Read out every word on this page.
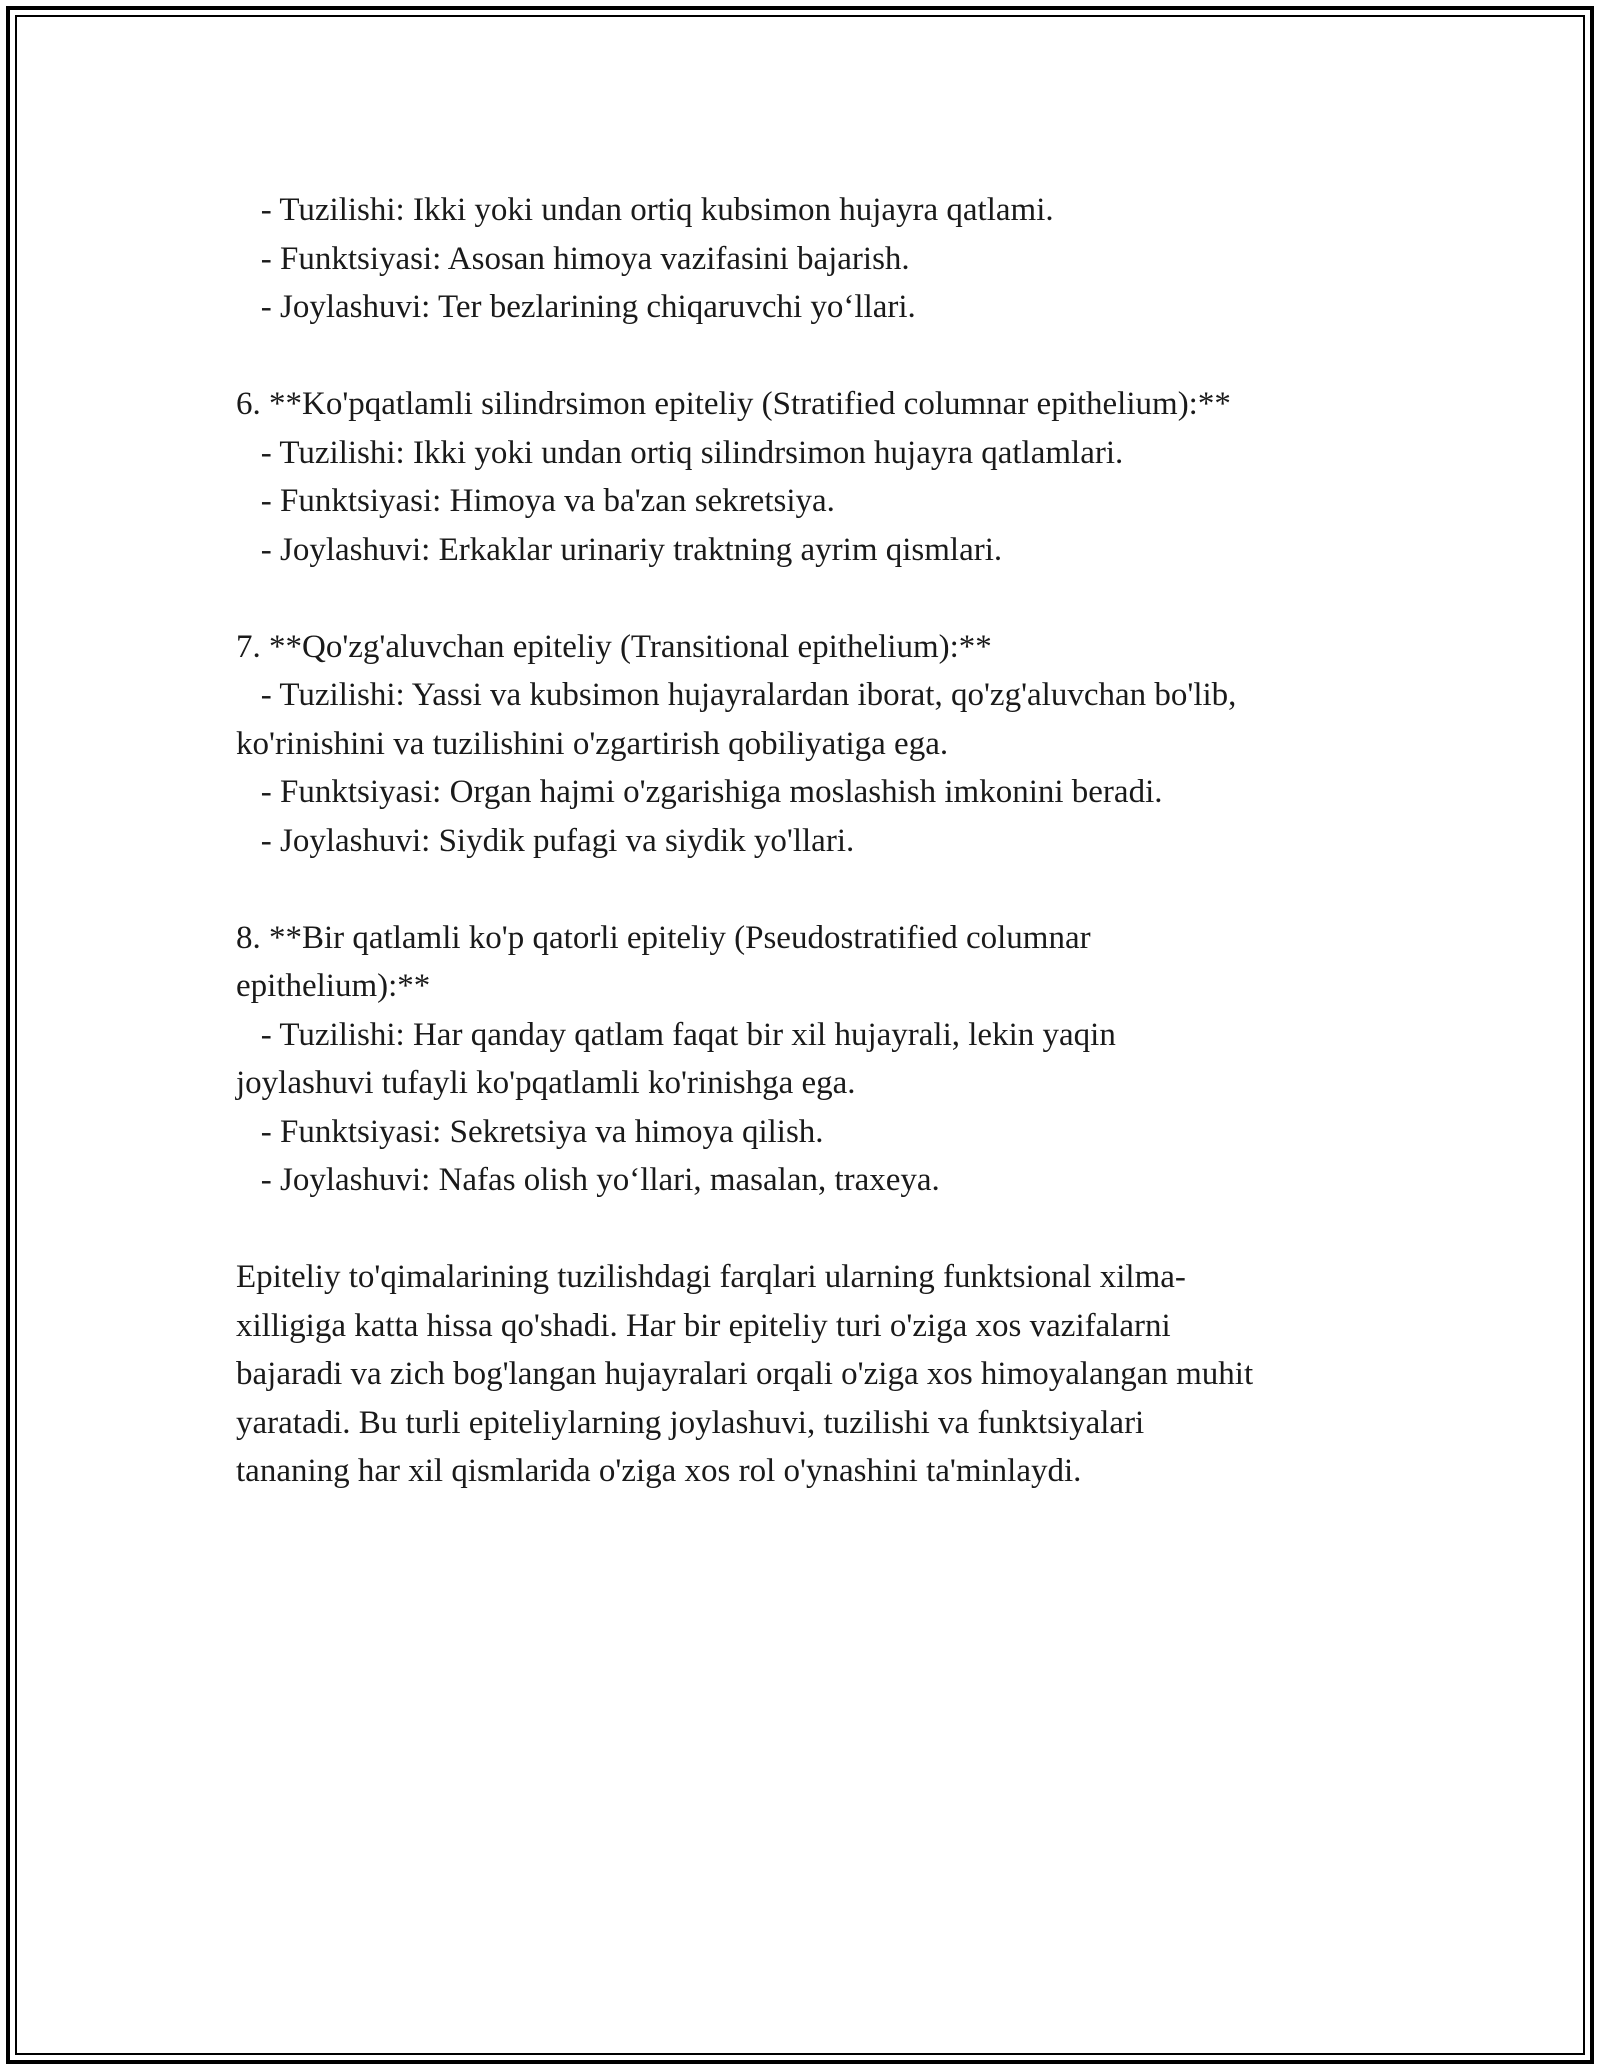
- Tuzilishi: Ikki yoki undan ortiq kubsimon hujayra qatlami.
- Funktsiyasi: Asosan himoya vazifasini bajarish.
- Joylashuvi: Ter bezlarining chiqaruvchi yo‘llari.
6. **Ko'pqatlamli silindrsimon epiteliy (Stratified columnar epithelium):**
- Tuzilishi: Ikki yoki undan ortiq silindrsimon hujayra qatlamlari.
- Funktsiyasi: Himoya va ba'zan sekretsiya.
- Joylashuvi: Erkaklar urinariy traktning ayrim qismlari.
7. **Qo'zg'aluvchan epiteliy (Transitional epithelium):**
- Tuzilishi: Yassi va kubsimon hujayralardan iborat, qo'zg'aluvchan bo'lib,
ko'rinishini va tuzilishini o'zgartirish qobiliyatiga ega.
- Funktsiyasi: Organ hajmi o'zgarishiga moslashish imkonini beradi.
- Joylashuvi: Siydik pufagi va siydik yo'llari.
8. **Bir qatlamli ko'p qatorli epiteliy (Pseudostratified columnar
epithelium):**
- Tuzilishi: Har qanday qatlam faqat bir xil hujayrali, lekin yaqin
joylashuvi tufayli ko'pqatlamli ko'rinishga ega.
- Funktsiyasi: Sekretsiya va himoya qilish.
- Joylashuvi: Nafas olish yo‘llari, masalan, traxeya.
Epiteliy to'qimalarining tuzilishdagi farqlari ularning funktsional xilma-
xilligiga katta hissa qo'shadi. Har bir epiteliy turi o'ziga xos vazifalarni
bajaradi va zich bog'langan hujayralari orqali o'ziga xos himoyalangan muhit
yaratadi. Bu turli epiteliylarning joylashuvi, tuzilishi va funktsiyalari
tananing har xil qismlarida o'ziga xos rol o'ynashini ta'minlaydi.
